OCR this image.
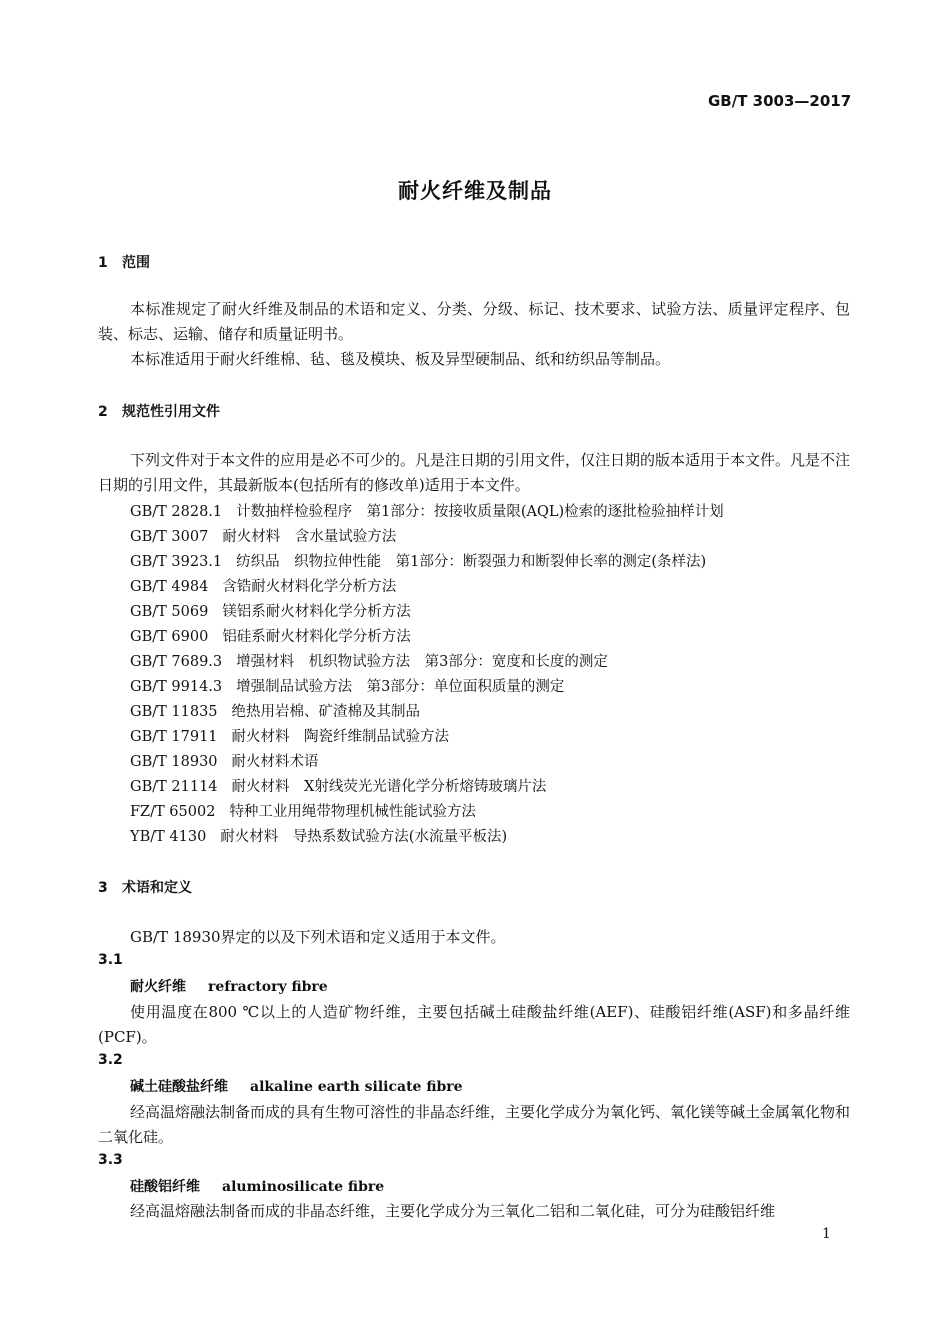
GB/T 3003—2017
耐火纤维及制品
1 范围
本标准规定了耐火纤维及制品的术语和定义、分类、分级、标记、技术要求、试验方法、质量评定程序、包装、标志、运输、储存和质量证明书。
本标准适用于耐火纤维棉、毡、毯及模块、板及异型硬制品、纸和纺织品等制品。
2 规范性引用文件
下列文件对于本文件的应用是必不可少的。凡是注日期的引用文件，仅注日期的版本适用于本文件。凡是不注日期的引用文件，其最新版本(包括所有的修改单)适用于本文件。
GB/T 2828.1 计数抽样检验程序　第1部分：按接收质量限(AQL)检索的逐批检验抽样计划
GB/T 3007 耐火材料　含水量试验方法
GB/T 3923.1 纺织品　织物拉伸性能　第1部分：断裂强力和断裂伸长率的测定(条样法)
GB/T 4984 含锆耐火材料化学分析方法
GB/T 5069 镁铝系耐火材料化学分析方法
GB/T 6900 铝硅系耐火材料化学分析方法
GB/T 7689.3 增强材料　机织物试验方法　第3部分：宽度和长度的测定
GB/T 9914.3 增强制品试验方法　第3部分：单位面积质量的测定
GB/T 11835 绝热用岩棉、矿渣棉及其制品
GB/T 17911 耐火材料　陶瓷纤维制品试验方法
GB/T 18930 耐火材料术语
GB/T 21114 耐火材料　X射线荧光光谱化学分析熔铸玻璃片法
FZ/T 65002 特种工业用绳带物理机械性能试验方法
YB/T 4130 耐火材料　导热系数试验方法(水流量平板法)
3 术语和定义
GB/T 18930界定的以及下列术语和定义适用于本文件。
3.1
耐火纤维 refractory fibre
使用温度在800 ℃以上的人造矿物纤维，主要包括碱土硅酸盐纤维(AEF)、硅酸铝纤维(ASF)和多晶纤维(PCF)。
3.2
碱土硅酸盐纤维 alkaline earth silicate fibre
经高温熔融法制备而成的具有生物可溶性的非晶态纤维，主要化学成分为氧化钙、氧化镁等碱土金属氧化物和二氧化硅。
3.3
硅酸铝纤维 aluminosilicate fibre
经高温熔融法制备而成的非晶态纤维，主要化学成分为三氧化二铝和二氧化硅，可分为硅酸铝纤维
1
